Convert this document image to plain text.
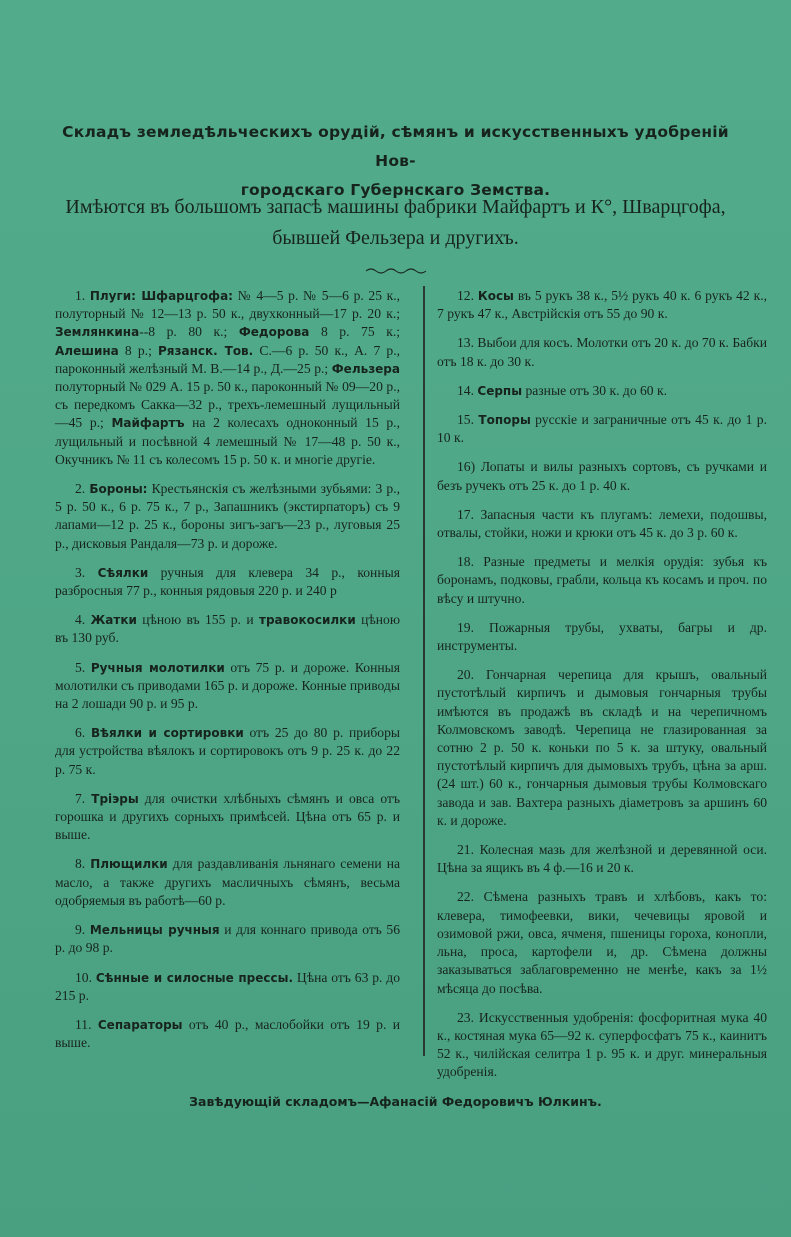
Складъ земледѣльческихъ орудій, сѣмянъ и искусственныхъ удобреній Нов-
городскаго Губернскаго Земства.
Имѣются въ большомъ запасѣ машины фабрики Майфартъ и К°, Шварцгофа,
бывшей Фельзера и другихъ.

1. Плуги: Шфарцгофа: № 4—5 р. № 5—6 р. 25 к., полуторный № 12—13 р. 50 к., двухконный—17 р. 20 к.; Землянкина--8 р. 80 к.; Федорова 8 р. 75 к.; Алешина 8 р.; Рязанск. Тов. С.—6 р. 50 к., А. 7 р., пароконный желѣзный М. В.—14 р., Д.—25 р.; Фельзера полуторный № 029 А. 15 р. 50 к., пароконный № 09—20 р., съ передкомъ Сакка—32 р., трехъ-лемешный лущильный—45 р.; Майфартъ на 2 колесахъ одноконный 15 р., лущильный и посѣвной 4 лемешный № 17—48 р. 50 к., Окучникъ № 11 съ колесомъ 15 р. 50 к. и многіе другіе.

2. Бороны: Крестьянскія съ желѣзными зубьями: 3 р., 5 р. 50 к., 6 р. 75 к., 7 р., Запашникъ (экстирпаторъ) съ 9 лапами—12 р. 25 к., бороны зигъ-загъ—23 р., луговыя 25 р., дисковыя Рандаля—73 р. и дороже.

3. Сѣялки ручныя для клевера 34 р., конныя разбросныя 77 р., конныя рядовыя 220 р. и 240 р

4. Жатки цѣною въ 155 р. и травокосилки цѣною въ 130 руб.

5. Ручныя молотилки отъ 75 р. и дороже. Конныя молотилки съ приводами 165 р. и дороже. Конные приводы на 2 лошади 90 р. и 95 р.

6. Вѣялки и сортировки отъ 25 до 80 р. приборы для устройства вѣялокъ и сортировокъ отъ 9 р. 25 к. до 22 р. 75 к.

7. Тріэры для очистки хлѣбныхъ сѣмянъ и овса отъ горошка и другихъ сорныхъ примѣсей. Цѣна отъ 65 р. и выше.

8. Плющилки для раздавливанія льнянаго семени на масло, а также другихъ масличныхъ сѣмянъ, весьма одобряемыя въ работѣ—60 р.

9. Мельницы ручныя и для коннаго привода отъ 56 р. до 98 р.

10. Сѣнные и силосные прессы. Цѣна отъ 63 р. до 215 р.

11. Сепараторы отъ 40 р., маслобойки отъ 19 р. и выше.

12. Косы въ 5 рукъ 38 к., 5½ рукъ 40 к. 6 рукъ 42 к., 7 рукъ 47 к., Австрійскія отъ 55 до 90 к.

13. Выбои для косъ. Молотки отъ 20 к. до 70 к. Бабки отъ 18 к. до 30 к.

14. Серпы разные отъ 30 к. до 60 к.

15. Топоры русскіе и заграничные отъ 45 к. до 1 р. 10 к.

16) Лопаты и вилы разныхъ сортовъ, съ ручками и безъ ручекъ отъ 25 к. до 1 р. 40 к.

17. Запасныя части къ плугамъ: лемехи, подошвы, отвалы, стойки, ножи и крюки отъ 45 к. до 3 р. 60 к.

18. Разные предметы и мелкія орудія: зубья къ боронамъ, подковы, грабли, кольца къ косамъ и проч. по вѣсу и штучно.

19. Пожарныя трубы, ухваты, багры и др. инструменты.

20. Гончарная черепица для крышъ, овальный пустотѣлый кирпичъ и дымовыя гончарныя трубы имѣются въ продажѣ въ складѣ и на черепичномъ Колмовскомъ заводѣ. Черепица не глазированная за сотню 2 р. 50 к. коньки по 5 к. за штуку, овальный пустотѣлый кирпичъ для дымовыхъ трубъ, цѣна за арш. (24 шт.) 60 к., гончарныя дымовыя трубы Колмовскаго завода и зав. Вахтера разныхъ діаметровъ за аршинъ 60 к. и дороже.

21. Колесная мазь для желѣзной и деревянной оси. Цѣна за ящикъ въ 4 ф.—16 и 20 к.

22. Сѣмена разныхъ травъ и хлѣбовъ, какъ то: клевера, тимофеевки, вики, чечевицы яровой и озимовой ржи, овса, ячменя, пшеницы гороха, конопли, льна, проса, картофели и, др. Сѣмена должны заказываться заблаговременно не менѣе, какъ за 1½ мѣсяца до посѣва.

23. Искусственныя удобренія: фосфоритная мука 40 к., костяная мука 65—92 к. суперфосфатъ 75 к., каинитъ 52 к., чилійская селитра 1 р. 95 к. и друг. минеральныя удобренія.

Завѣдующій складомъ—Афанасій Федоровичъ Юлкинъ.
